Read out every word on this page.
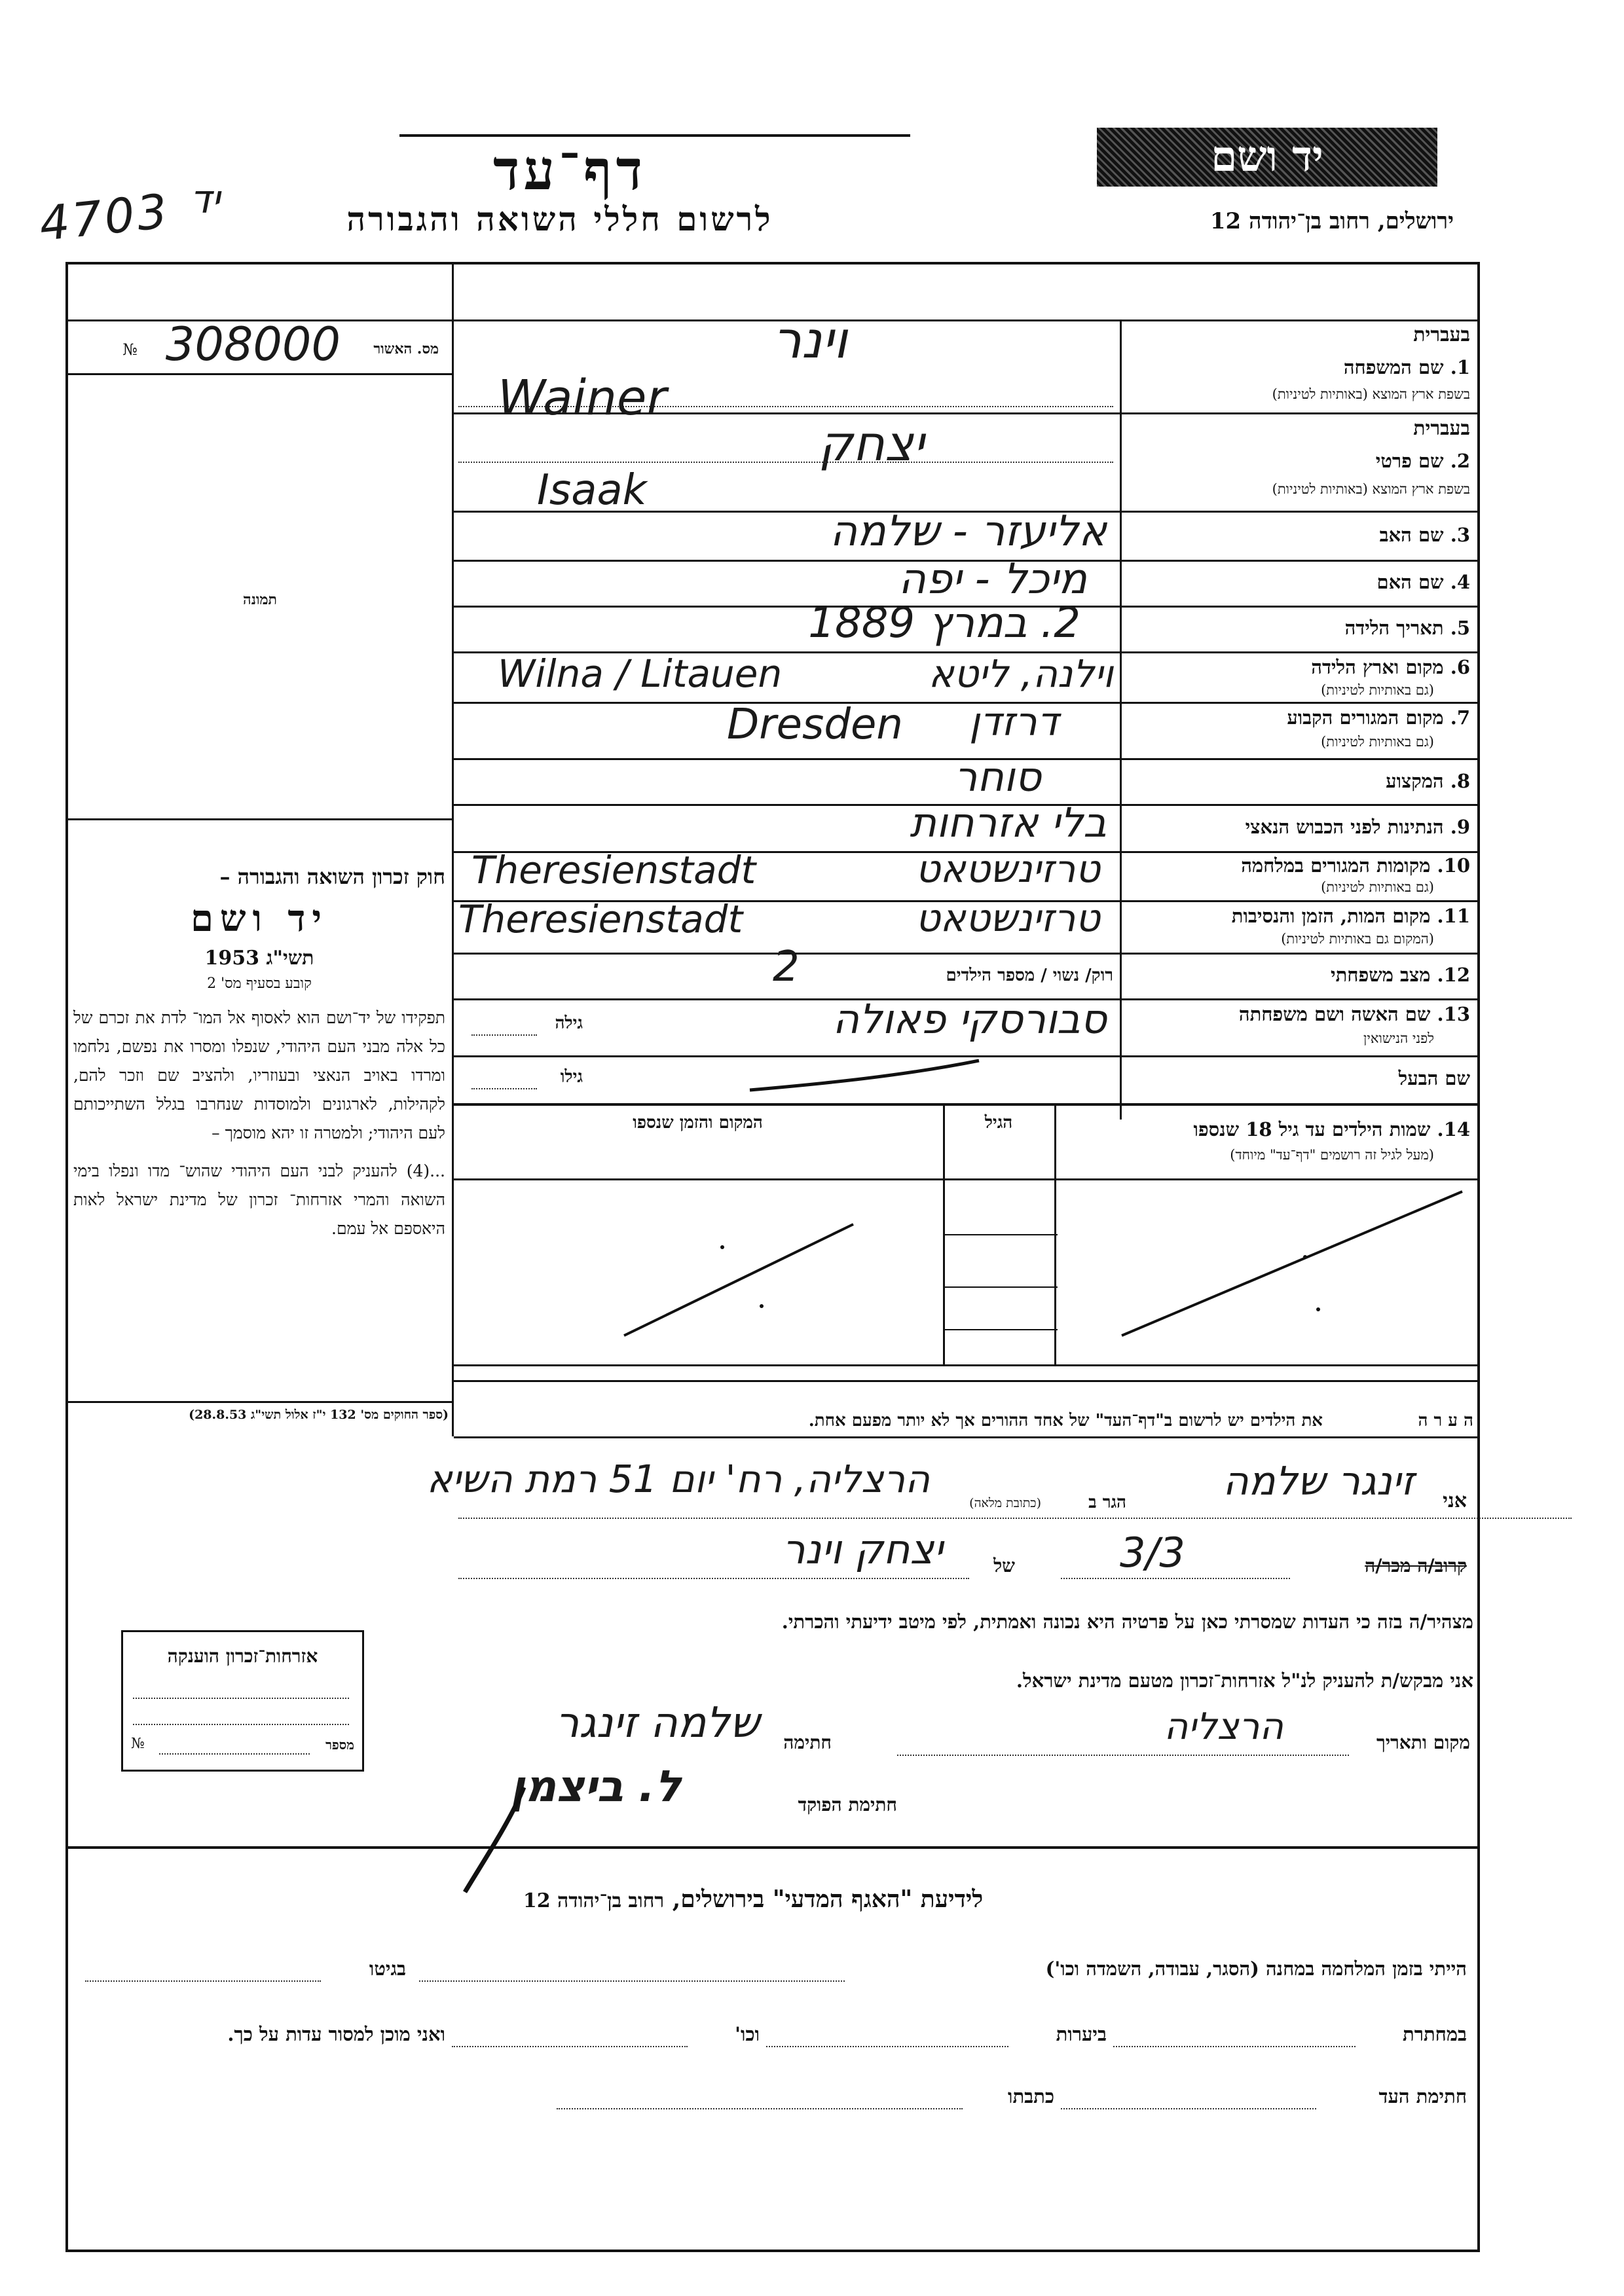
4703 יד	דף־עד
לרשום חללי השואה והגבורה
יד ושם
ירושלים, רחוב בן־יהודה 12
מס. האשור
308000
№
תמונה

חוק זכרון השואה והגבורה –

יד ושם

תשי"ג 1953

קובע בסעיף מס' 2

תפקידו של יד־ושם הוא לאסוף אל המו־ לדת את זכרם של כל אלה מבני העם היהודי, שנפלו ומסרו את נפשם, נלחמו ומרדו באויב הנאצי ובעוזריו, ולהציב שם וזכר להם, לקהילות, לארגונים ולמוסדות שנחרבו בגלל השתייכותם לעם היהודי; ולמטרה זו יהא מוסמך –

...(4) להעניק לבני העם היהודי שהוש־ מדו ונפלו בימי השואה והמרי אזרחות־ זכרון של מדינת ישראל לאות היאספם אל עמם.

(ספר החוקים מס' 132 י"ז אלול תשי"ג 28.8.53)
בעברית
1. שם המשפחה
בשפת ארץ המוצא (באותיות לטיניות)
וינר
Wainer
בעברית
2. שם פרטי
בשפת ארץ המוצא (באותיות לטיניות)
יצחק
Isaak
3. שם האב
אליעזר - שלמה
4. שם האם
מיכל - יפה
5. תאריך הלידה
2. במרץ 1889
6. מקום וארץ הלידה
(גם באותיות לטיניות)
וילנה, ליטא
Wilna / Litauen
7. מקום המגורים הקבוע
(גם באותיות לטיניות)
דרזדן
Dresden
8. המקצוע
סוחר
9. הנתינות לפני הכבוש הנאצי
בלי אזרחות
10. מקומות המגורים במלחמה
(גם באותיות לטיניות)
טרזינשטאט
Theresienstadt
11. מקום המות, הזמן והנסיבות
(המקום גם באותיות לטיניות)
טרזינשטאט
Theresienstadt
12. מצב משפחתי
רוק/ נשוי / מספר הילדים
2
13. שם האשה ושם משפחתה
לפני הנישואין
סבורסקי פאולה
גילה
שם הבעל
גילו
14. שמות הילדים עד גיל 18 שנספו
(מעל לגיל זה רושמים "דף־עד" מיוחד)
הגיל
המקום והזמן שנספו
ה ע ר ה
את הילדים יש לרשום ב"דף־העד" של אחד ההורים אך לא יותר מפעם אחת.
אני
זינגר שלמה
הגר ב
(כתובת מלאה)
הרצליה, רח' יום 51 רמת השיא
קרוב/ה מכר/ה
3/3
של
יצחק וינר
מצהיר/ה בזה כי העדות שמסרתי כאן על פרטיה היא נכונה ואמתית, לפי מיטב ידיעתי והכרתי.
אני מבקש/ת להעניק לנ"ל אזרחות־זכרון מטעם מדינת ישראל.
מקום ותאריך
הרצליה
חתימה
שלמה זינגר
חתימת הפוקד
ל. ביצמן
אזרחות־זכרון הוענקה
מספר
№
לידיעת "האגף המדעי" בירושלים, רחוב בן־יהודה 12
הייתי בזמן המלחמה במחנה (הסגר, עבודה, השמדה וכו')
בגיטו
במחתרת
ביערות
וכו'
ואני מוכן למסור עדות על כך.
חתימת העד
כתבתו
